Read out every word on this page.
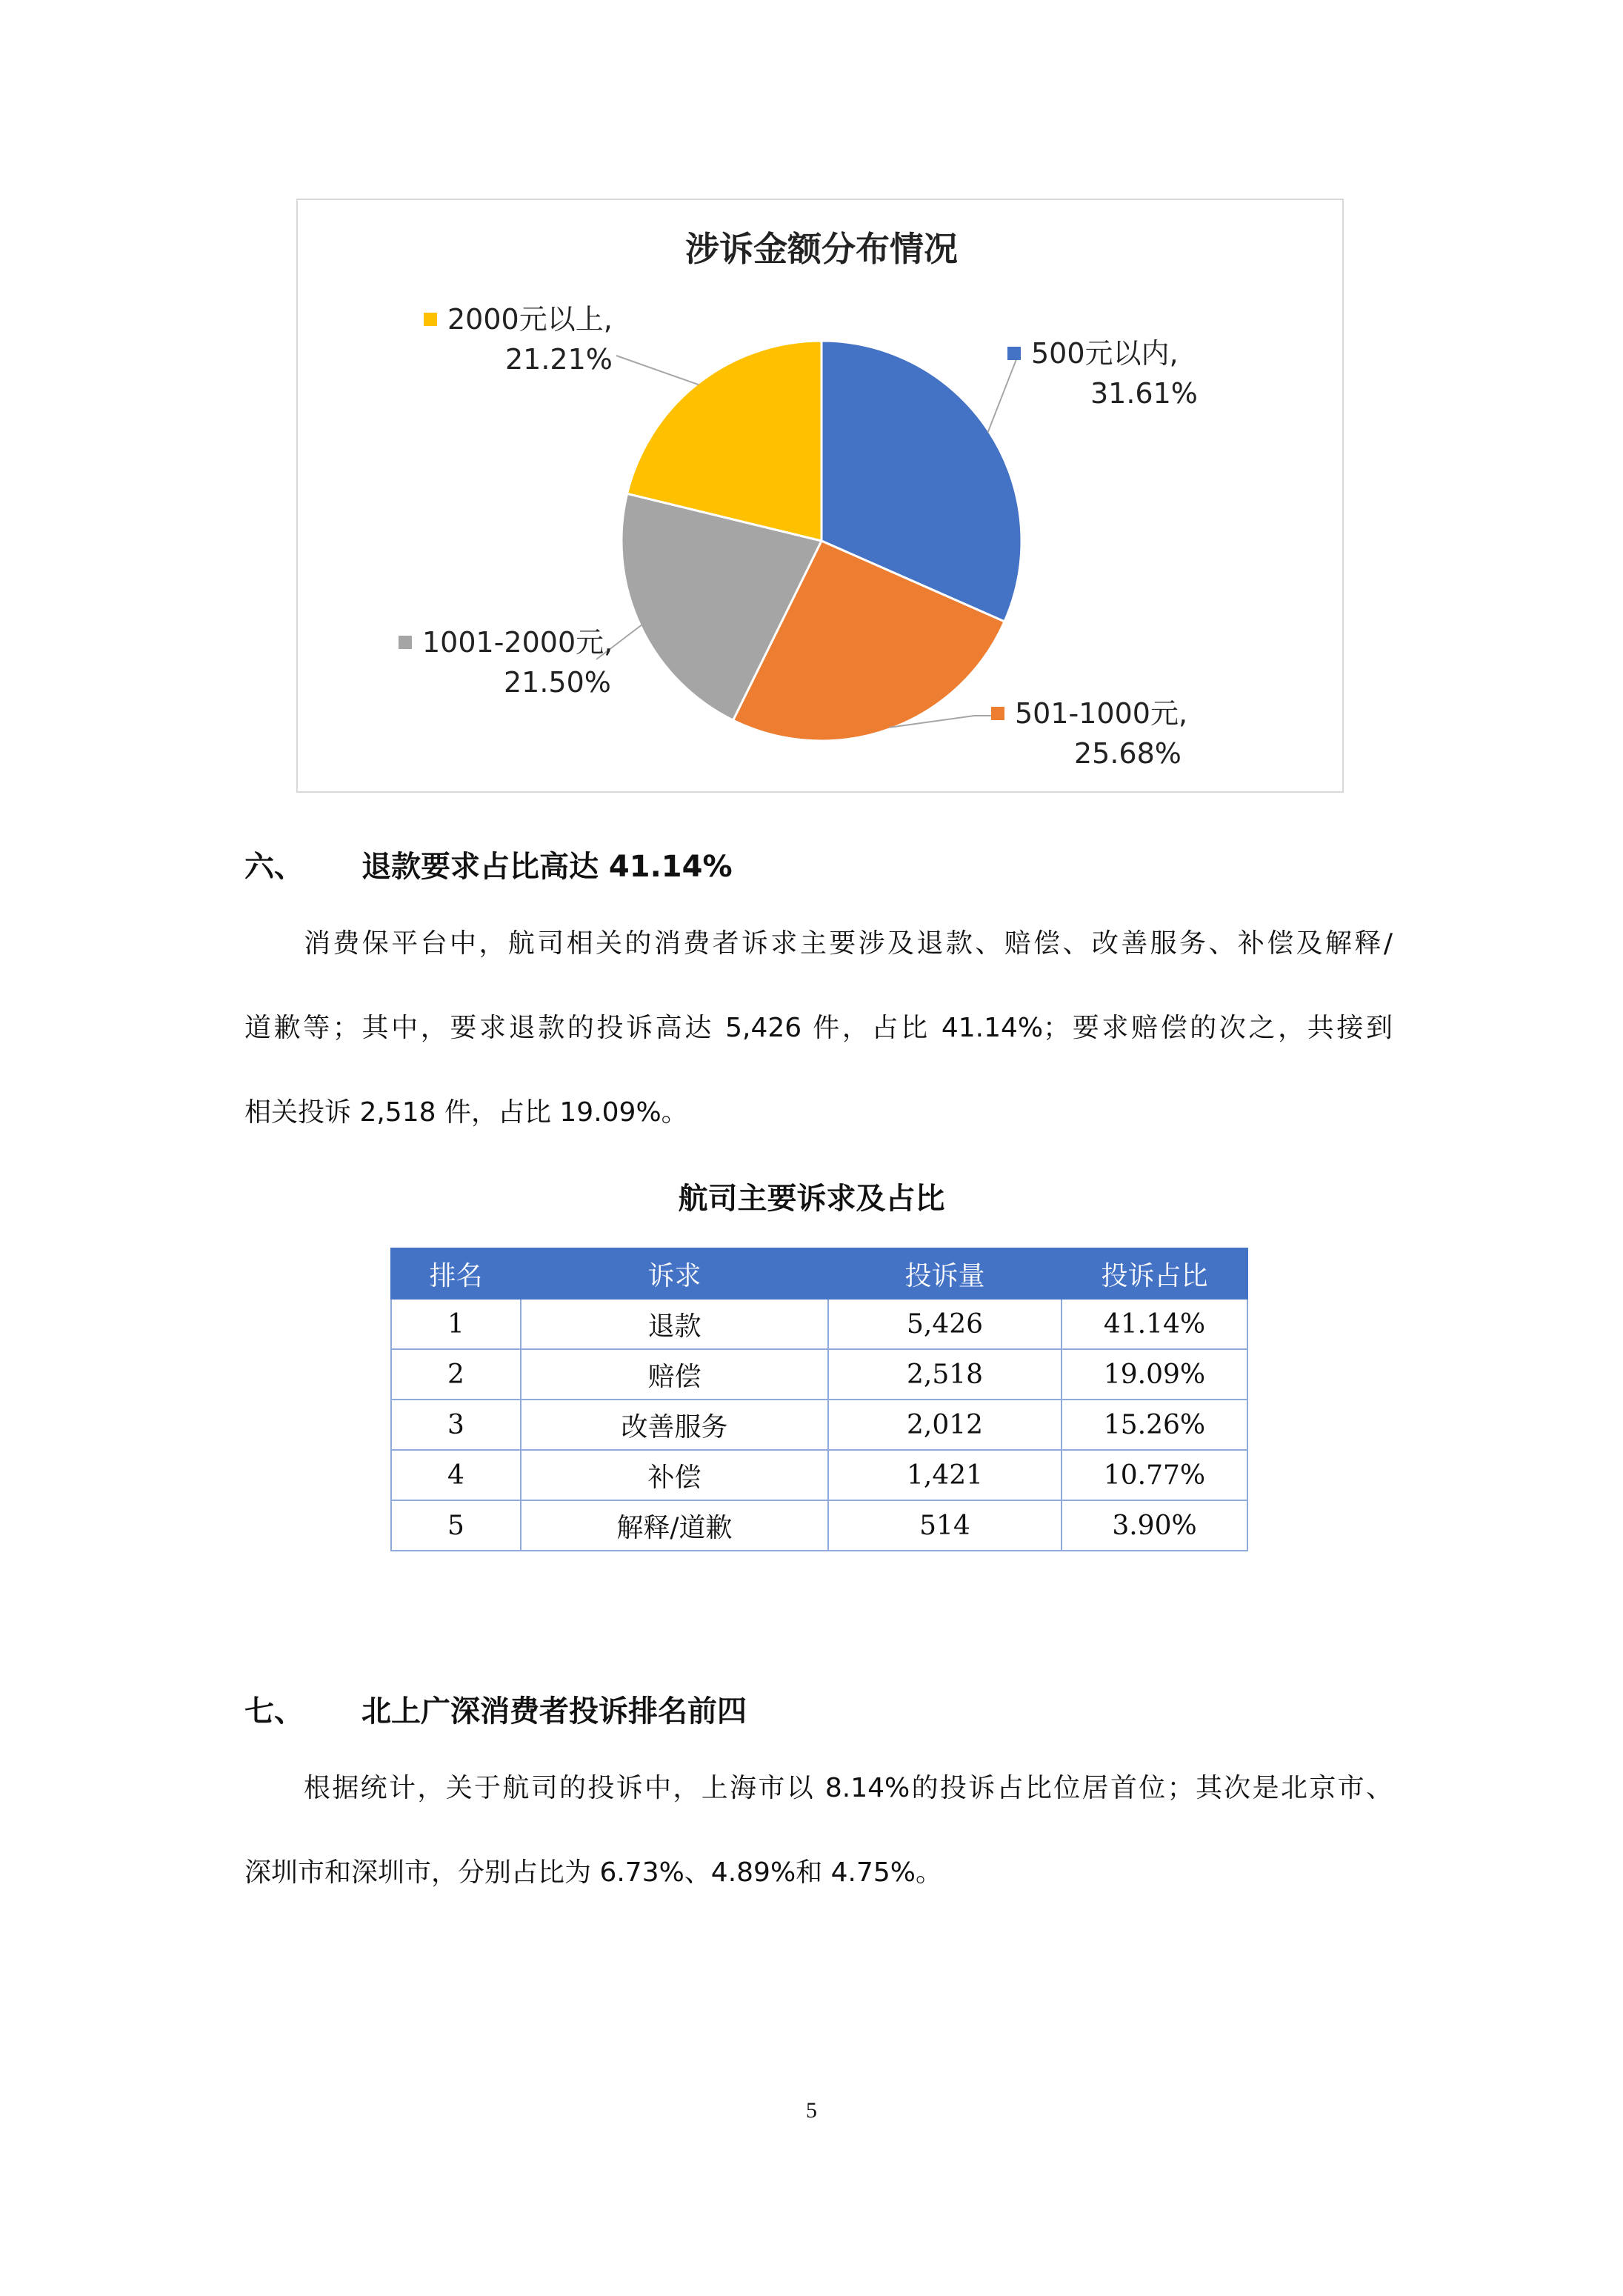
涉诉金额分布情况
500元以内,
31.61%
501-1000元,
25.68%
1001-2000元,
21.50%
2000元以上,
21.21%
六、	退款要求占比高达 41.14%
消费保平台中，航司相关的消费者诉求主要涉及退款、赔偿、改善服务、补偿及解释/
道歉等；其中，要求退款的投诉高达 5,426 件，占比 41.14%；要求赔偿的次之，共接到
相关投诉 2,518 件，占比 19.09%。
航司主要诉求及占比
排名	诉求	投诉量	投诉占比
1	退款	5,426	41.14%
2	赔偿	2,518	19.09%
3	改善服务	2,012	15.26%
4	补偿	1,421	10.77%
5	解释/道歉	514	3.90%
七、	北上广深消费者投诉排名前四
根据统计，关于航司的投诉中，上海市以 8.14%的投诉占比位居首位；其次是北京市、
深圳市和深圳市，分别占比为 6.73%、4.89%和 4.75%。
5
